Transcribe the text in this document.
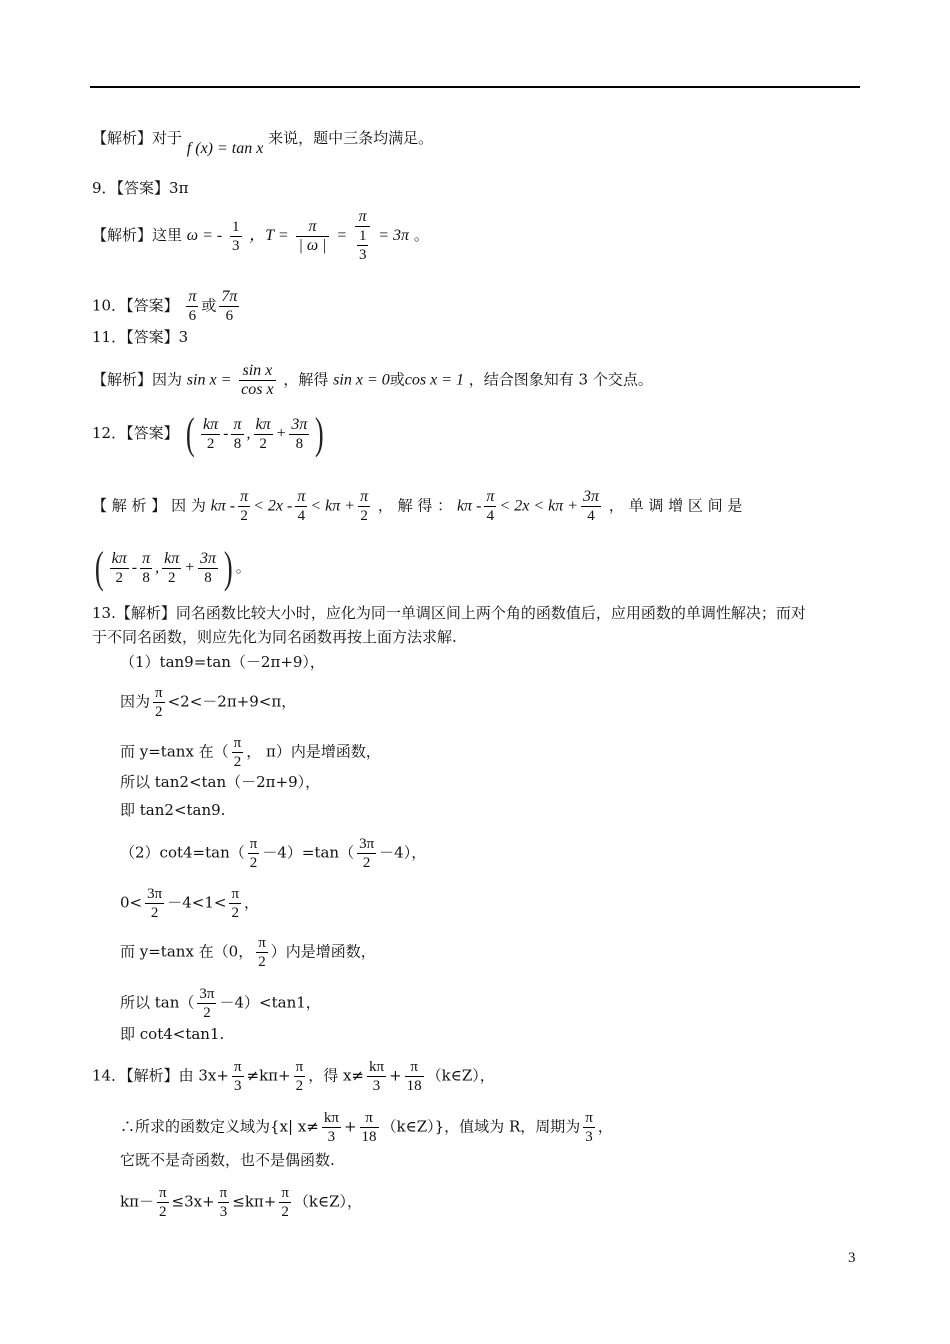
【解析】对于 f (x) = tan x 来说，题中三条均满足。
9．【答案】3π
【解析】这里 ω = - $\frac{1}{3}$ ，$T = \frac{\pi}{| \omega |} = \frac{\pi}{\frac{1}{3}} = 3\pi$ 。
10．【答案】 $\frac{\pi}{6}$ 或 $\frac{7\pi}{6}$
11．【答案】3
【解析】因为 $\sin x = \frac{\text{sin x}}{\text{cos x}}$ ，解得 sin x = 0或cos x = 1 ，结合图象知有 3 个交点。
12．【答案】 ( $\frac{k\pi}{2} - \frac{\pi}{8}$ , $\frac{k\pi}{2} + \frac{3\pi}{8}$ )
【 解 析 】 因 为 $k\pi - \frac{\pi}{2} < 2x - \frac{\pi}{4} < k\pi + \frac{\pi}{2}$ ， 解 得 ： $k\pi - \frac{\pi}{4} < 2x < k\pi + \frac{3\pi}{4}$ ， 单 调 增 区 间 是
( $\frac{k\pi}{2} - \frac{\pi}{8}$ , $\frac{k\pi}{2} + \frac{3\pi}{8}$ ) 。
13.【解析】同名函数比较大小时，应化为同一单调区间上两个角的函数值后，应用函数的单调性解决；而对
于不同名函数，则应先化为同名函数再按上面方法求解.
（1）tan9=tan（－2π+9），
因为 $\frac{\pi}{2} <2<-2\pi+9<\pi$，
而 y=tanx 在（ $\frac{\pi}{2}$ ， π）内是增函数，
所以 tan2<tan（－2π+9），
即 tan2<tan9.
$(2)\cot 4=\tan( \frac{\pi}{2} -4)=\tan( \frac{3\pi}{2} -4)$，
$0< \frac{3\pi}{2} -4<1< \frac{\pi}{2}$ ，
而 y=tanx 在（0， $\frac{\pi}{2}$ ）内是增函数，
所以 $\tan( \frac{3\pi}{2} -4)<\tan 1$，
即 cot4<tan1.
14．【解析】由 $3x+ \frac{\pi}{3} \ne k\pi+ \frac{\pi}{2}$ ，得 $x\ne \frac{k\pi}{3} + \frac{\pi}{18}$ （k∈Z），
∴所求的函数定义域为{x| $x\ne \frac{k\pi}{3} + \frac{\pi}{18}$ （k∈Z）}，值域为 R，周期为 $\frac{\pi}{3}$ ，
它既不是奇函数，也不是偶函数.
$k\pi- \frac{\pi}{2} \le 3x+ \frac{\pi}{3} \le k\pi+ \frac{\pi}{2}$ （k∈Z），
3
